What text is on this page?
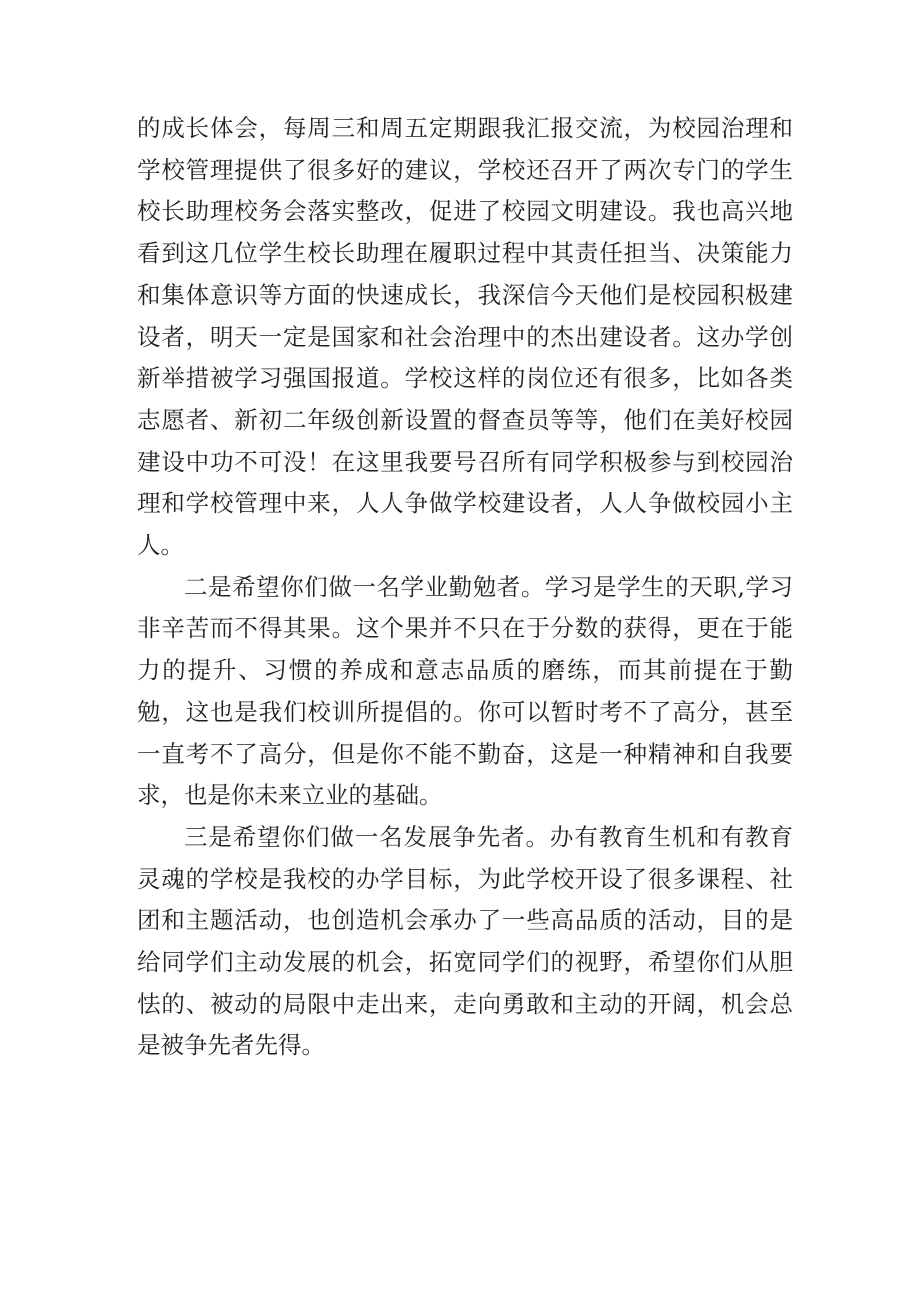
的成长体会，每周三和周五定期跟我汇报交流，为校园治理和学校管理提供了很多好的建议，学校还召开了两次专门的学生校长助理校务会落实整改，促进了校园文明建设。我也高兴地看到这几位学生校长助理在履职过程中其责任担当、决策能力和集体意识等方面的快速成长，我深信今天他们是校园积极建设者，明天一定是国家和社会治理中的杰出建设者。这办学创新举措被学习强国报道。学校这样的岗位还有很多，比如各类志愿者、新初二年级创新设置的督查员等等，他们在美好校园建设中功不可没！在这里我要号召所有同学积极参与到校园治理和学校管理中来，人人争做学校建设者，人人争做校园小主人。

二是希望你们做一名学业勤勉者。学习是学生的天职,学习非辛苦而不得其果。这个果并不只在于分数的获得，更在于能力的提升、习惯的养成和意志品质的磨练，而其前提在于勤勉，这也是我们校训所提倡的。你可以暂时考不了高分，甚至一直考不了高分，但是你不能不勤奋，这是一种精神和自我要求，也是你未来立业的基础。

三是希望你们做一名发展争先者。办有教育生机和有教育灵魂的学校是我校的办学目标，为此学校开设了很多课程、社团和主题活动，也创造机会承办了一些高品质的活动，目的是给同学们主动发展的机会，拓宽同学们的视野，希望你们从胆怯的、被动的局限中走出来，走向勇敢和主动的开阔，机会总是被争先者先得。
